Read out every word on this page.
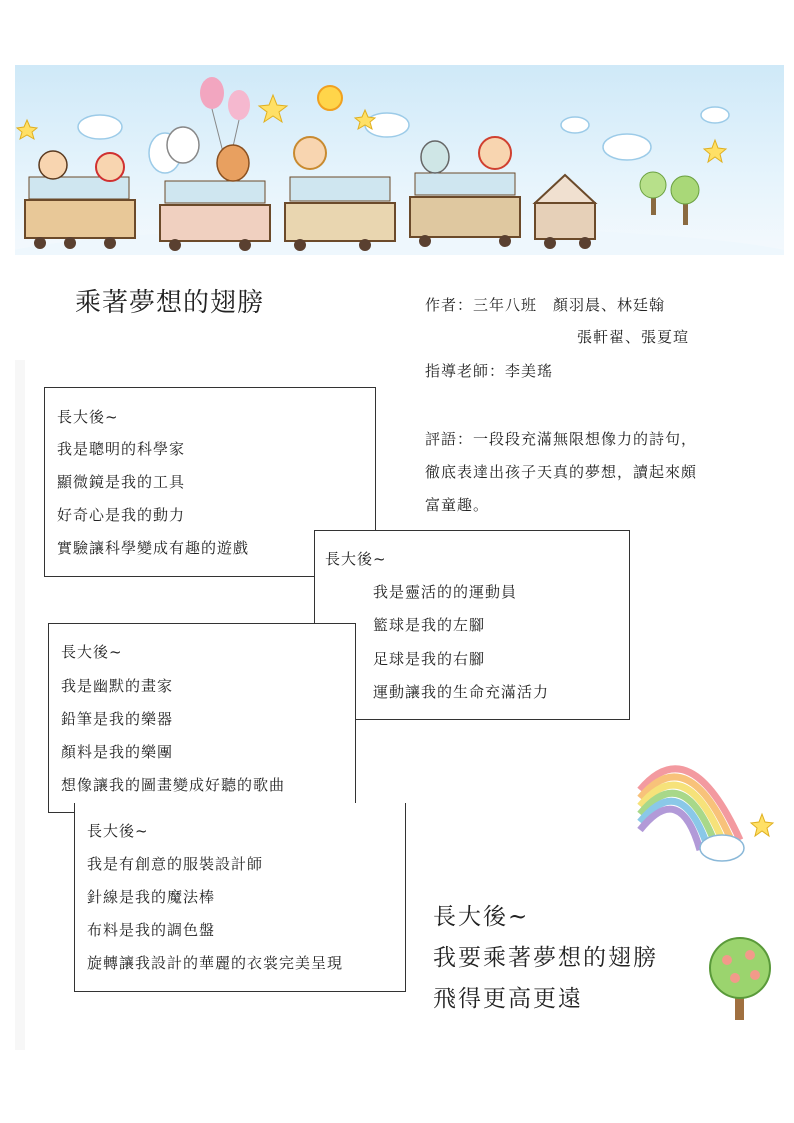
乘著夢想的翅膀	作者：三年八班　顏羽晨、林廷翰
張軒翟、張夏瑄
指導老師：李美瑤
評語：一段段充滿無限想像力的詩句，
徹底表達出孩子天真的夢想，讀起來頗
富童趣。
長大後~
我是聰明的科學家
顯微鏡是我的工具
好奇心是我的動力
實驗讓科學變成有趣的遊戲
長大後~
我是靈活的的運動員
籃球是我的左腳
足球是我的右腳
運動讓我的生命充滿活力
長大後~
我是幽默的畫家
鉛筆是我的樂器
顏料是我的樂團
想像讓我的圖畫變成好聽的歌曲
長大後~
我是有創意的服裝設計師
針線是我的魔法棒
布料是我的調色盤
旋轉讓我設計的華麗的衣裳完美呈現
長大後~
我要乘著夢想的翅膀
飛得更高更遠
